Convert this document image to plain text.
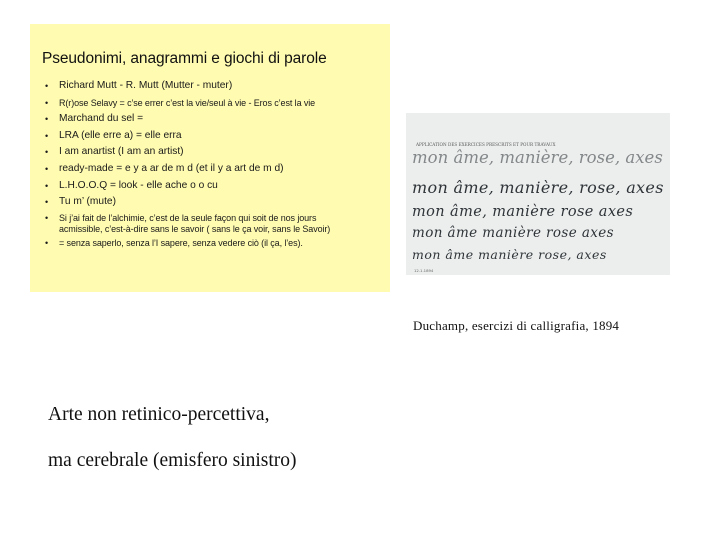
Pseudonimi, anagrammi e giochi di parole
• Richard Mutt - R. Mutt (Mutter - muter)
• R(r)ose Selavy = c’se errer c’est la vie/seul à vie - Eros c’est la vie
• Marchand du sel =
• LRA (elle erre a) = elle erra
• I am anartist (I am an artist)
• ready-made = e y a ar de m d (et il y a art de m d)
• L.H.O.O.Q = look - elle ache o o cu
• Tu m’ (mute)
• Si j’ai fait de l’alchimie, c’est de la seule façon qui soit de nos jours
acmissible, c’est-à-dire sans le savoir ( sans le ça voir, sans le Savoir)
• = senza saperlo, senza l’I sapere, senza vedere ciò (il ça, l’es).
APPLICATION DES EXERCICES PRESCRITS ET POUR TRAVAUX
mon âme, manière, rose, axes
mon âme, manière, rose, axes
mon âme, manière rose axes
mon âme manière rose axes
mon âme manière rose, axes
12.1.1894
Duchamp, esercizi di calligrafia, 1894
Arte non retinico-percettiva,
ma cerebrale (emisfero sinistro)
